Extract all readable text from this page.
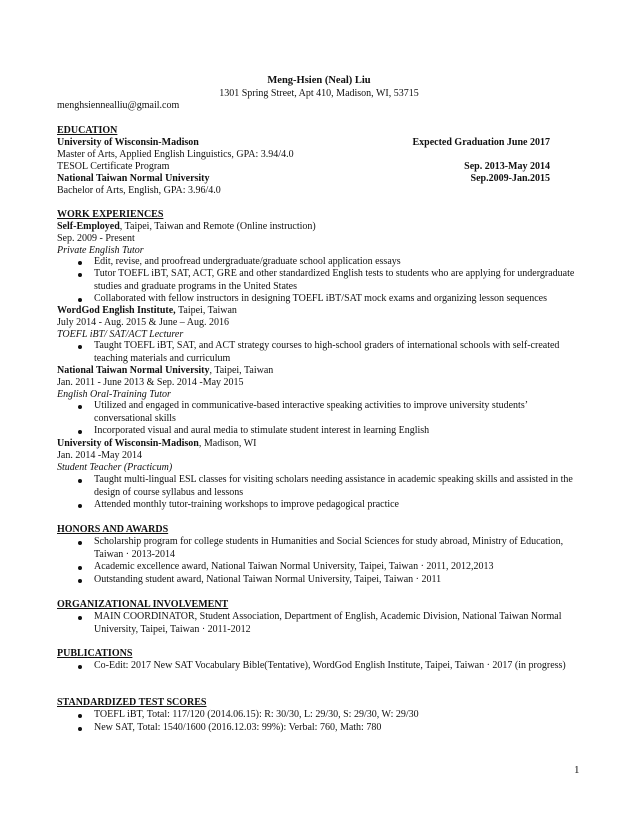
Meng-Hsien (Neal) Liu
1301 Spring Street, Apt 410, Madison, WI, 53715
menghsiennealliu@gmail.com
EDUCATION
University of Wisconsin-Madison	Expected Graduation June 2017
Master of Arts, Applied English Linguistics, GPA: 3.94/4.0
TESOL Certificate Program	Sep. 2013-May 2014
National Taiwan Normal University	Sep.2009-Jan.2015
Bachelor of Arts, English, GPA: 3.96/4.0
WORK EXPERIENCES
Self-Employed, Taipei, Taiwan and Remote (Online instruction)
Sep. 2009 - Present
Private English Tutor
Edit, revise, and proofread undergraduate/graduate school application essays
Tutor TOEFL iBT, SAT, ACT, GRE and other standardized English tests to students who are applying for undergraduate studies and graduate programs in the United States
Collaborated with fellow instructors in designing TOEFL iBT/SAT mock exams and organizing lesson sequences
WordGod English Institute, Taipei, Taiwan
July 2014 - Aug. 2015 & June – Aug. 2016
TOEFL iBT/ SAT/ACT Lecturer
Taught TOEFL iBT, SAT, and ACT strategy courses to high-school graders of international schools with self-created teaching materials and curriculum
National Taiwan Normal University, Taipei, Taiwan
Jan. 2011 - June 2013 & Sep. 2014 -May 2015
English Oral-Training Tutor
Utilized and engaged in communicative-based interactive speaking activities to improve university students’ conversational skills
Incorporated visual and aural media to stimulate student interest in learning English
University of Wisconsin-Madison, Madison, WI
Jan. 2014 -May 2014
Student Teacher (Practicum)
Taught multi-lingual ESL classes for visiting scholars needing assistance in academic speaking skills and assisted in the design of course syllabus and lessons
Attended monthly tutor-training workshops to improve pedagogical practice
HONORS AND AWARDS
Scholarship program for college students in Humanities and Social Sciences for study abroad, Ministry of Education, Taiwan · 2013-2014
Academic excellence award, National Taiwan Normal University, Taipei, Taiwan · 2011, 2012,2013
Outstanding student award, National Taiwan Normal University, Taipei, Taiwan · 2011
ORGANIZATIONAL INVOLVEMENT
MAIN COORDINATOR, Student Association, Department of English, Academic Division, National Taiwan Normal University, Taipei, Taiwan · 2011-2012
PUBLICATIONS
Co-Edit: 2017 New SAT Vocabulary Bible(Tentative), WordGod English Institute, Taipei, Taiwan · 2017 (in progress)
STANDARDIZED TEST SCORES
TOEFL iBT, Total: 117/120 (2014.06.15): R: 30/30, L: 29/30, S: 29/30, W: 29/30
New SAT, Total: 1540/1600 (2016.12.03: 99%): Verbal: 760, Math: 780
1
